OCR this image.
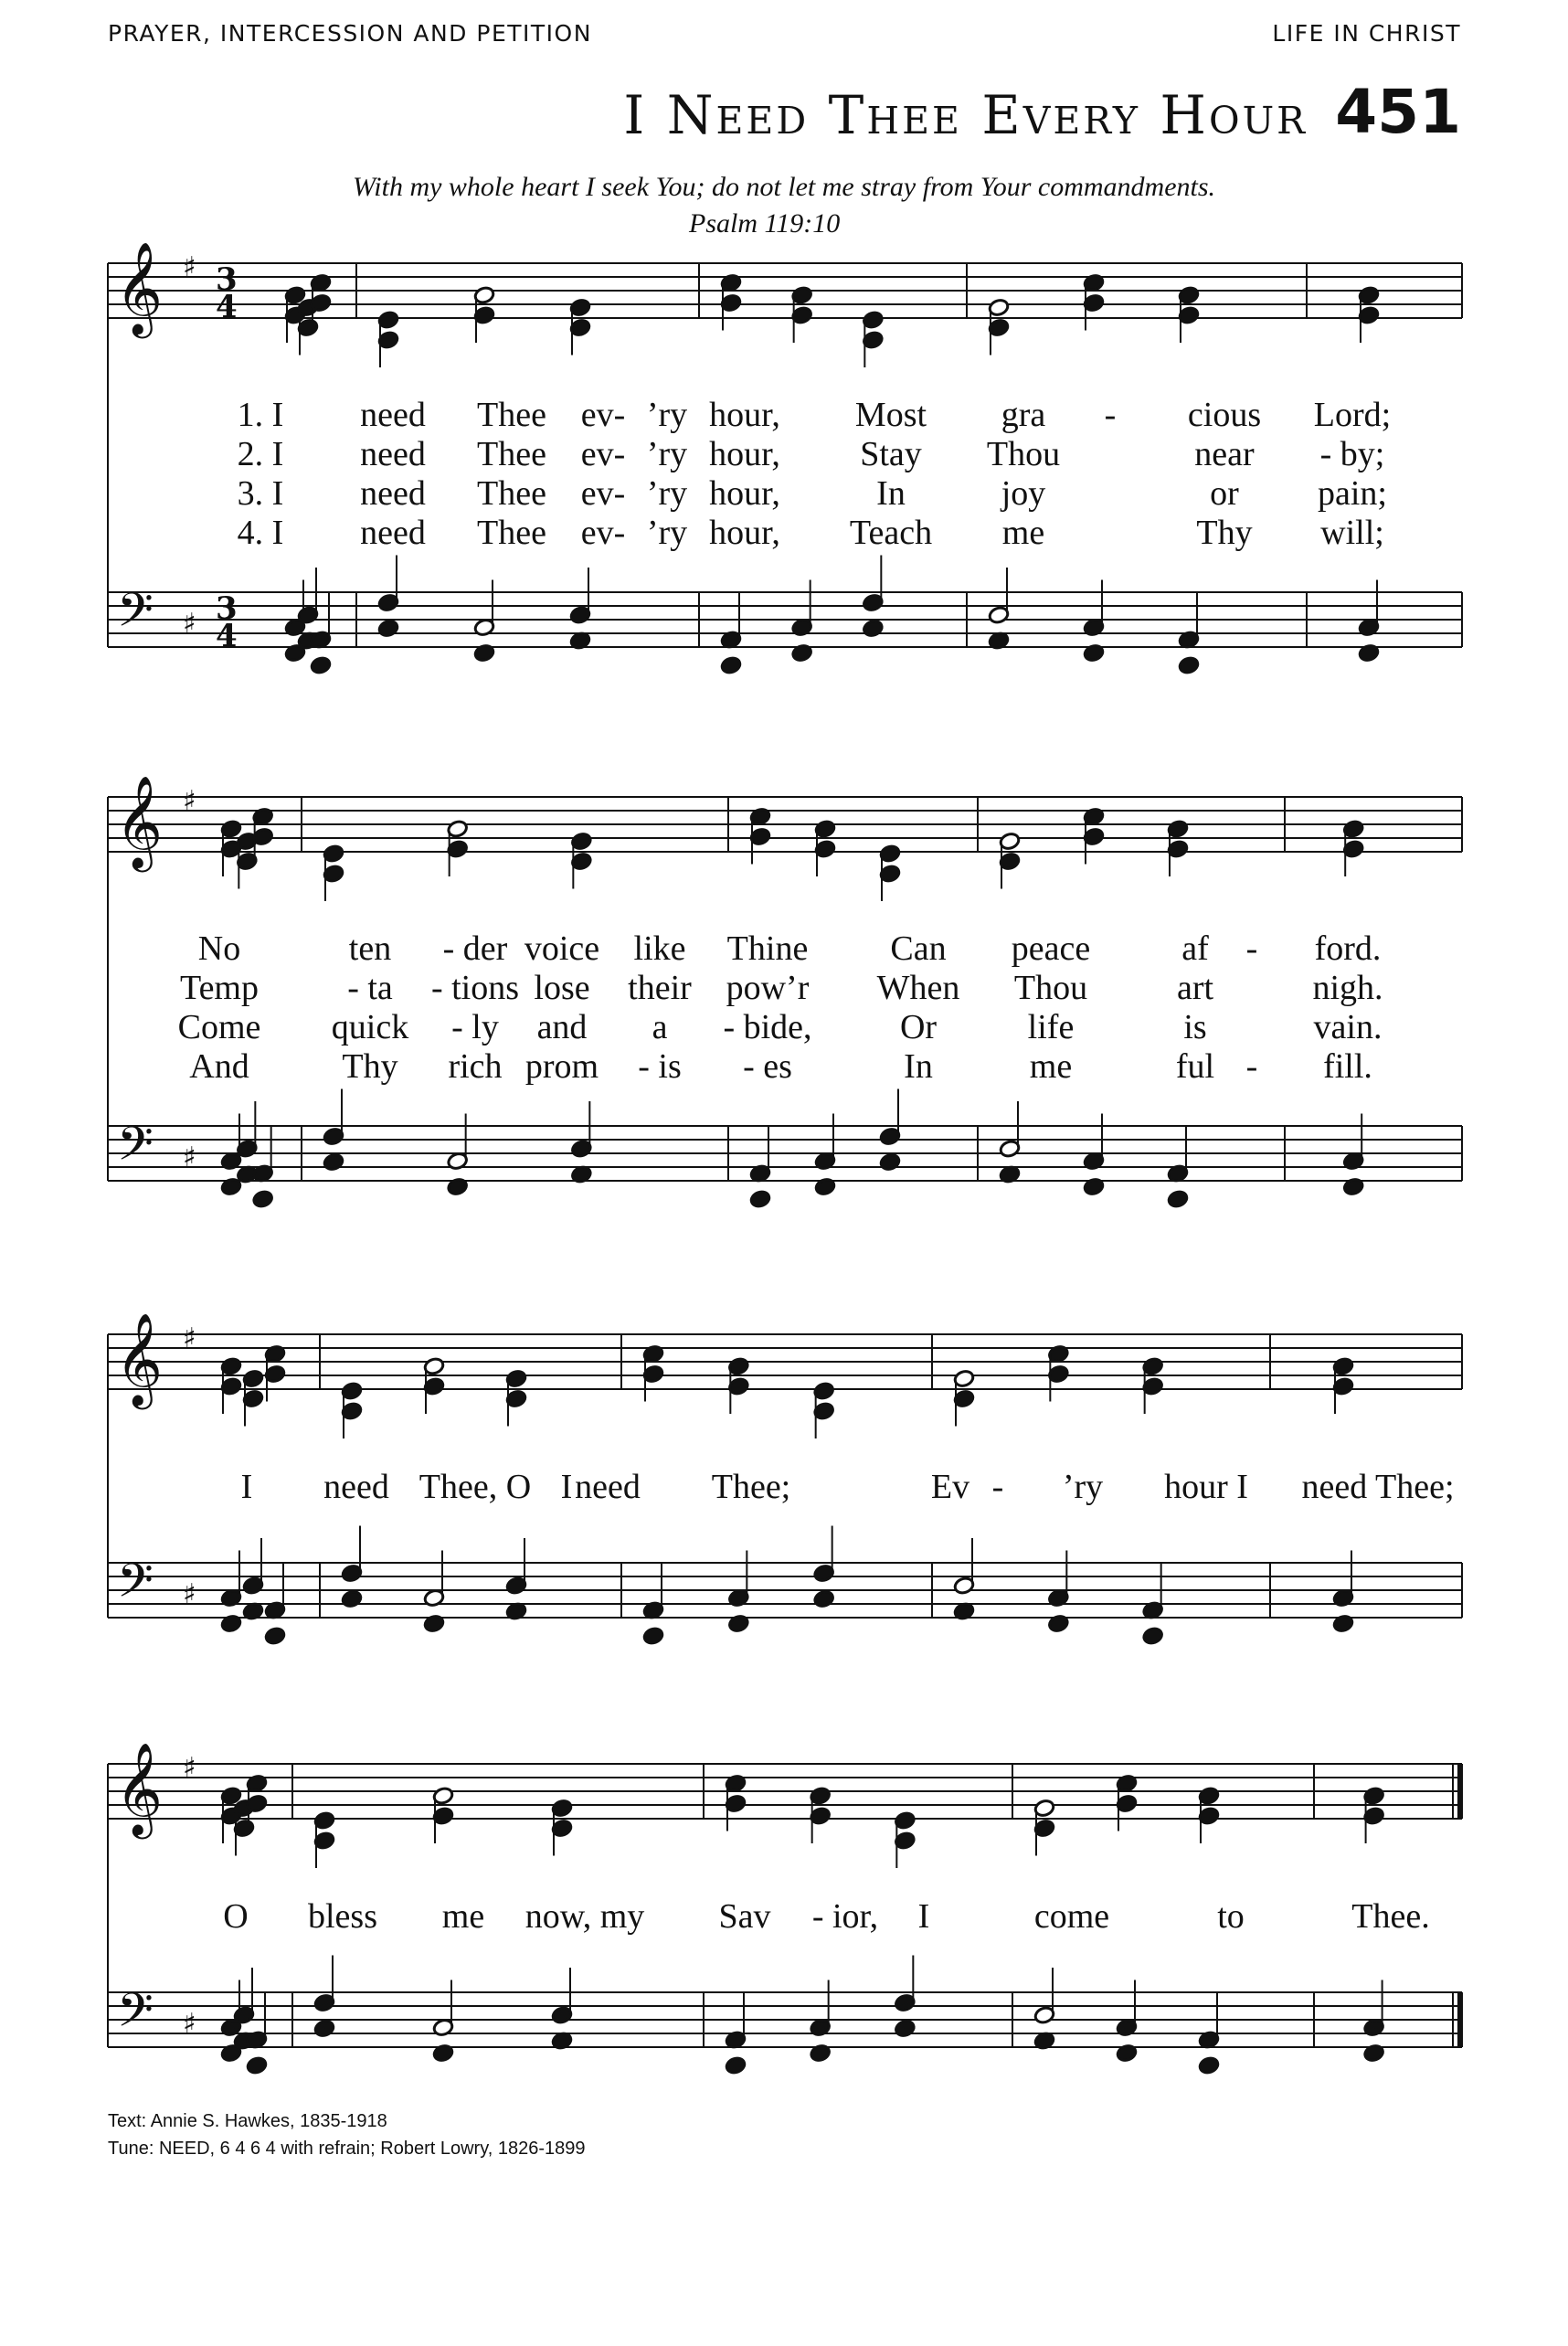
PRAYER, INTERCESSION AND PETITION	LIFE IN CHRIST
I Need Thee Every Hour 451
With my whole heart I seek You; do not let me stray from Your commandments.
Psalm 119:10
𝄞
𝄢
♯
♯
3
4
3
4
𝄞
𝄢
♯
♯
𝄞
𝄢
♯
♯
𝄞
𝄢
♯
♯
1. I need Thee ev- ’ry hour, Most gra - cious Lord;
2. I need Thee ev- ’ry hour, Stay Thou	near - by;
3. I need Thee ev- ’ry hour,	In	joy	or pain;
4. I need Thee ev- ’ry hour, Teach me	Thy will;
No	ten - der voice like Thine Can peace	af - ford.
Temp	- ta - tions lose their pow’r When Thou	art	nigh.
Come quick - ly and a - bide,	Or	life	is	vain.
And	Thy rich prom - is - es	In	me	ful - fill.
I need Thee, O I need Thee;	Ev - ’ry hour I need Thee;
O bless me now, my Sav - ior, I	come	to	Thee.
Text: Annie S. Hawkes, 1835-1918
Tune: NEED, 6 4 6 4 with refrain; Robert Lowry, 1826-1899
